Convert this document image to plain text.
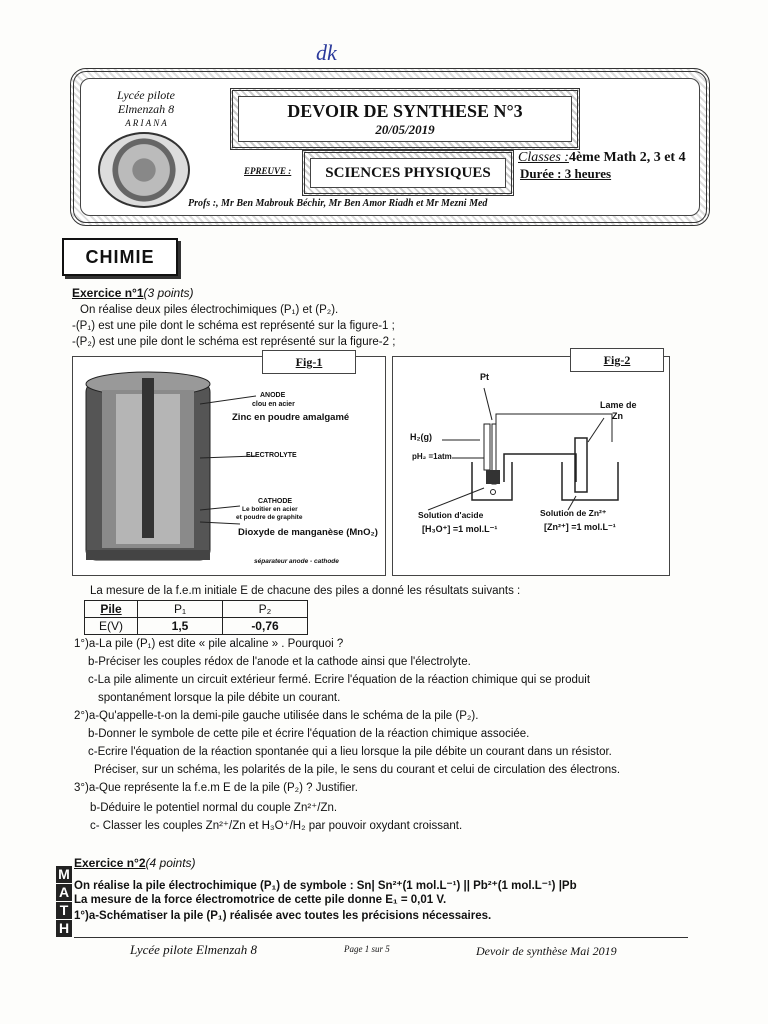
dk
Lycée pilote
Elmenzah 8
A R I A N A
DEVOIR DE SYNTHESE N°3
20/05/2019
EPREUVE :	SCIENCES PHYSIQUES
Classes :4ème Math 2, 3 et 4
Durée : 3 heures
Profs :, Mr Ben Mabrouk Béchir, Mr Ben Amor Riadh et Mr Mezni Med
CHIMIE
Exercice n°1(3 points)
On réalise deux piles électrochimiques (P₁) et (P₂).
-(P₁) est une pile dont le schéma est représenté sur la figure-1 ;
-(P₂) est une pile dont le schéma est représenté sur la figure-2 ;
Fig-1
ANODE
clou en acier
Zinc en poudre amalgamé
ELECTROLYTE
CATHODE
Le boîtier en acier
et poudre de graphite
Dioxyde de manganèse (MnO₂)
séparateur anode - cathode
Fig-2
Pt
Lame de
Zn
H₂(g)
pH₂ =1atm
Solution d'acide
[H₃O⁺] =1 mol.L⁻¹
Solution de Zn²⁺
[Zn²⁺] =1 mol.L⁻¹
La mesure de la f.e.m initiale E de chacune des piles a donné les résultats suivants :
Pile	P₁	P₂
E(V)	1,5	-0,76
1°)a-La pile (P₁) est dite « pile alcaline » . Pourquoi ?
b-Préciser les couples rédox de l'anode et la cathode ainsi que l'électrolyte.
c-La pile alimente un circuit extérieur fermé. Ecrire l'équation de la réaction chimique qui se produit
spontanément lorsque la pile débite un courant.
2°)a-Qu'appelle-t-on la demi-pile gauche utilisée dans le schéma de la pile (P₂).
b-Donner le symbole de cette pile et écrire l'équation de la réaction chimique associée.
c-Ecrire l'équation de la réaction spontanée qui a lieu lorsque la pile débite un courant dans un résistor.
Préciser, sur un schéma, les polarités de la pile, le sens du courant et celui de circulation des électrons.
3°)a-Que représente la f.e.m E de la pile (P₂) ? Justifier.
b-Déduire le potentiel normal du couple Zn²⁺/Zn.
c- Classer les couples Zn²⁺/Zn et H₃O⁺/H₂ par pouvoir oxydant croissant.
Exercice n°2(4 points)
M
A
T
H
On réalise la pile électrochimique (P₁) de symbole : Sn| Sn²⁺(1 mol.L⁻¹) || Pb²⁺(1 mol.L⁻¹) |Pb
La mesure de la force électromotrice de cette pile donne E₁ = 0,01 V.
1°)a-Schématiser la pile (P₁) réalisée avec toutes les précisions nécessaires.
Lycée pilote Elmenzah 8	Page 1 sur 5	Devoir de synthèse Mai 2019
